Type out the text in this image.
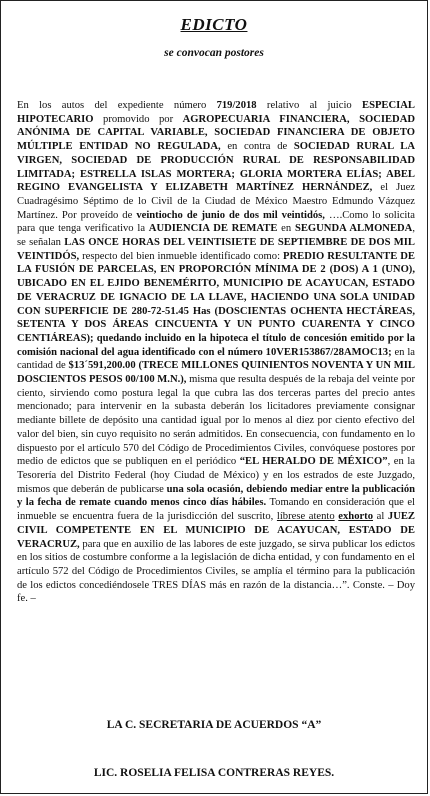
EDICTO
se convocan postores

En los autos del expediente número 719/2018 relativo al juicio ESPECIAL HIPOTECARIO promovido por AGROPECUARIA FINANCIERA, SOCIEDAD ANÓNIMA DE CAPITAL VARIABLE, SOCIEDAD FINANCIERA DE OBJETO MÚLTIPLE ENTIDAD NO REGULADA, en contra de SOCIEDAD RURAL LA VIRGEN, SOCIEDAD DE PRODUCCIÓN RURAL DE RESPONSABILIDAD LIMITADA; ESTRELLA ISLAS MORTERA; GLORIA MORTERA ELÍAS; ABEL REGINO EVANGELISTA Y ELIZABETH MARTÍNEZ HERNÁNDEZ, el Juez Cuadragésimo Séptimo de lo Civil de la Ciudad de México Maestro Edmundo Vázquez Martínez. Por proveído de veintiocho de junio de dos mil veintidós, ….Como lo solicita para que tenga verificativo la AUDIENCIA DE REMATE en SEGUNDA ALMONEDA, se señalan LAS ONCE HORAS DEL VEINTISIETE DE SEPTIEMBRE DE DOS MIL VEINTIDÓS, respecto del bien inmueble identificado como: PREDIO RESULTANTE DE LA FUSIÓN DE PARCELAS, EN PROPORCIÓN MÍNIMA DE 2 (DOS) A 1 (UNO), UBICADO EN EL EJIDO BENEMÉRITO, MUNICIPIO DE ACAYUCAN, ESTADO DE VERACRUZ DE IGNACIO DE LA LLAVE, HACIENDO UNA SOLA UNIDAD CON SUPERFICIE DE 280-72-51.45 Has (DOSCIENTAS OCHENTA HECTÁREAS, SETENTA Y DOS ÁREAS CINCUENTA Y UN PUNTO CUARENTA Y CINCO CENTIÁREAS); quedando incluido en la hipoteca el título de concesión emitido por la comisión nacional del agua identificado con el número 10VER153867/28AMOC13; en la cantidad de $13´591,200.00 (TRECE MILLONES QUINIENTOS NOVENTA Y UN MIL DOSCIENTOS PESOS 00/100 M.N.), misma que resulta después de la rebaja del veinte por ciento, sirviendo como postura legal la que cubra las dos terceras partes del precio antes mencionado; para intervenir en la subasta deberán los licitadores previamente consignar mediante billete de depósito una cantidad igual por lo menos al diez por ciento efectivo del valor del bien, sin cuyo requisito no serán admitidos. En consecuencia, con fundamento en lo dispuesto por el artículo 570 del Código de Procedimientos Civiles, convóquese postores por medio de edictos que se publiquen en el periódico “EL HERALDO DE MÉXICO”, en la Tesorería del Distrito Federal (hoy Ciudad de México) y en los estrados de este Juzgado, mismos que deberán de publicarse una sola ocasión, debiendo mediar entre la publicación y la fecha de remate cuando menos cinco días hábiles. Tomando en consideración que el inmueble se encuentra fuera de la jurisdicción del suscrito, líbrese atento exhorto al JUEZ CIVIL COMPETENTE EN EL MUNICIPIO DE ACAYUCAN, ESTADO DE VERACRUZ, para que en auxilio de las labores de este juzgado, se sirva publicar los edictos en los sitios de costumbre conforme a la legislación de dicha entidad, y con fundamento en el artículo 572 del Código de Procedimientos Civiles, se amplía el término para la publicación de los edictos concediéndosele TRES DÍAS más en razón de la distancia…”. Conste. – Doy fe. –

LA C. SECRETARIA DE ACUERDOS “A”
LIC. ROSELIA FELISA CONTRERAS REYES.
